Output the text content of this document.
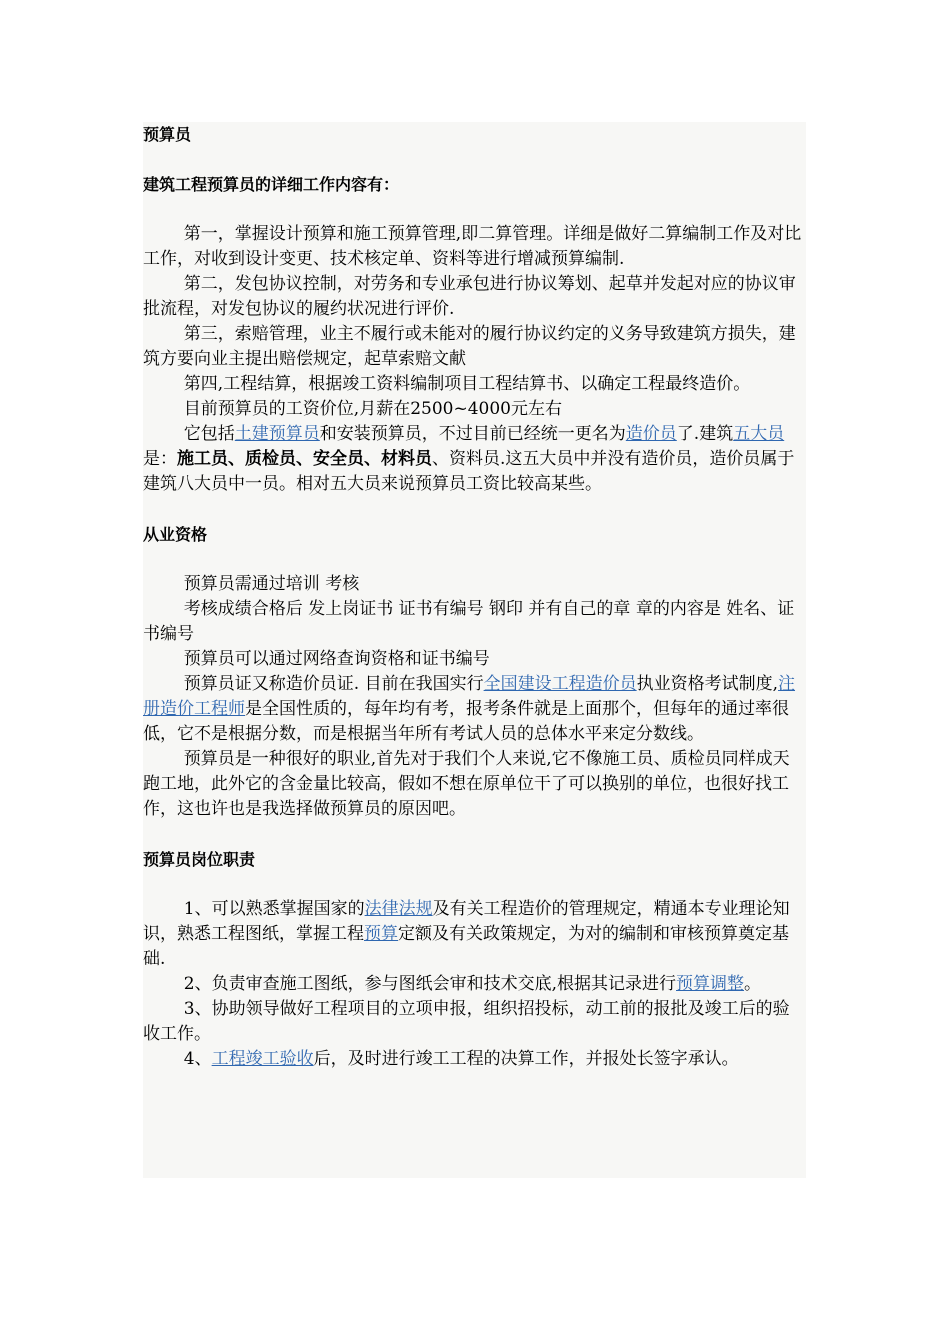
预算员

建筑工程预算员的详细工作内容有：

第一，掌握设计预算和施工预算管理,即二算管理。详细是做好二算编制工作及对比工作，对收到设计变更、技术核定单、资料等进行增减预算编制.

第二，发包协议控制，对劳务和专业承包进行协议筹划、起草并发起对应的协议审批流程，对发包协议的履约状况进行评价.

第三，索赔管理，业主不履行或未能对的履行协议约定的义务导致建筑方损失，建筑方要向业主提出赔偿规定，起草索赔文献

第四,工程结算，根据竣工资料编制项目工程结算书、以确定工程最终造价。

目前预算员的工资价位,月薪在2500~4000元左右

它包括土建预算员和安装预算员，不过目前已经统一更名为造价员了.建筑五大员是：施工员、质检员、安全员、材料员、资料员.这五大员中并没有造价员，造价员属于建筑八大员中一员。相对五大员来说预算员工资比较高某些。

从业资格

预算员需通过培训 考核

考核成绩合格后 发上岗证书 证书有编号 钢印 并有自己的章 章的内容是 姓名、证书编号

预算员可以通过网络查询资格和证书编号

预算员证又称造价员证. 目前在我国实行全国建设工程造价员执业资格考试制度,注册造价工程师是全国性质的，每年均有考，报考条件就是上面那个，但每年的通过率很低，它不是根据分数，而是根据当年所有考试人员的总体水平来定分数线。

预算员是一种很好的职业,首先对于我们个人来说,它不像施工员、质检员同样成天跑工地，此外它的含金量比较高，假如不想在原单位干了可以换别的单位，也很好找工作，这也许也是我选择做预算员的原因吧。

预算员岗位职责

1、可以熟悉掌握国家的法律法规及有关工程造价的管理规定，精通本专业理论知识，熟悉工程图纸，掌握工程预算定额及有关政策规定，为对的编制和审核预算奠定基础.

2、负责审查施工图纸，参与图纸会审和技术交底,根据其记录进行预算调整。

3、协助领导做好工程项目的立项申报，组织招投标，动工前的报批及竣工后的验收工作。

4、工程竣工验收后，及时进行竣工工程的决算工作，并报处长签字承认。
